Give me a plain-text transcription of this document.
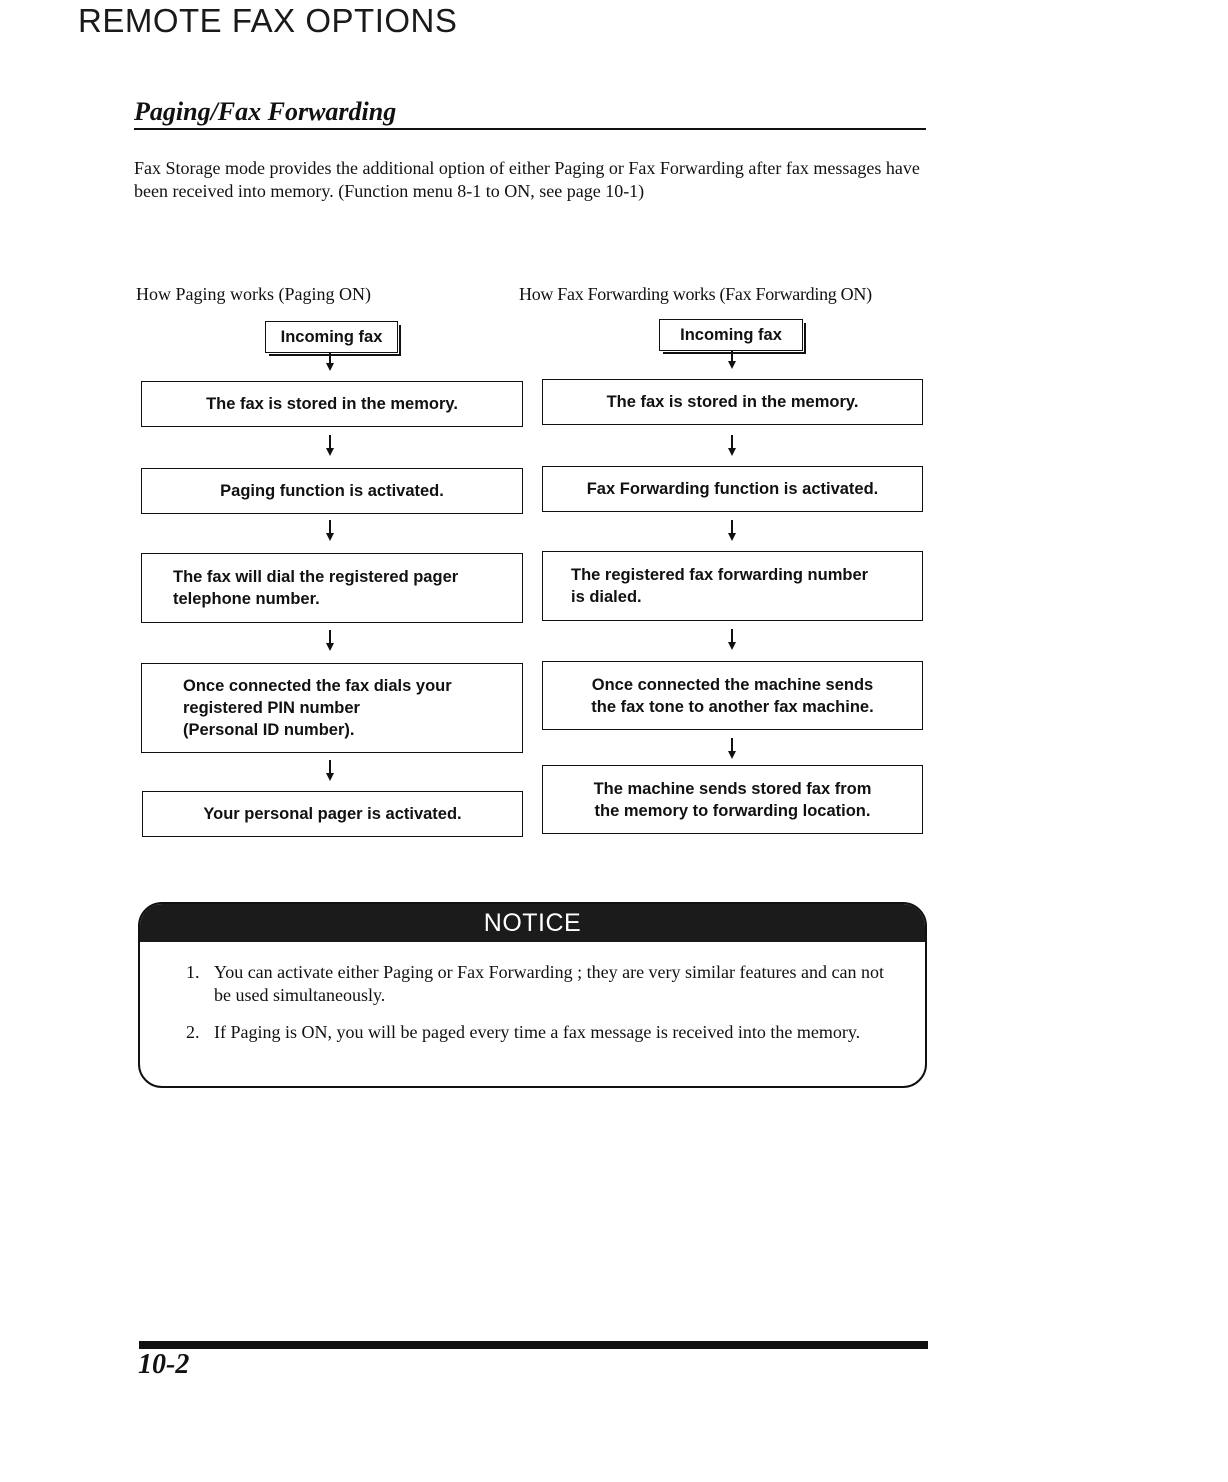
REMOTE FAX OPTIONS
Paging/Fax Forwarding
Fax Storage mode provides the additional option of either Paging or Fax Forwarding after fax messages have been received into memory. (Function menu 8-1 to ON, see page 10-1)
How Paging works (Paging ON)	How Fax Forwarding works (Fax Forwarding ON)
Incoming fax
The fax is stored in the memory.
Paging function is activated.
The fax will dial the registered pager
telephone number.
Once connected the fax dials your
registered PIN number
(Personal ID number).
Your personal pager is activated.
Incoming fax
The fax is stored in the memory.
Fax Forwarding function is activated.
The registered fax forwarding number
is dialed.
Once connected the machine sends
the fax tone to another fax machine.
The machine sends stored fax from
the memory to forwarding location.
NOTICE
1. You can activate either Paging or Fax Forwarding ; they are very similar features and can not be used simultaneously.
2. If Paging is ON, you will be paged every time a fax message is received into the memory.
10-2
